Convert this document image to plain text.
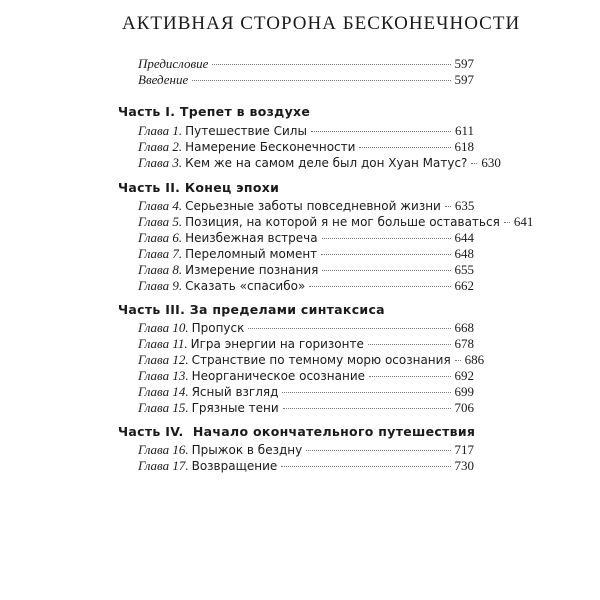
АКТИВНАЯ СТОРОНА БЕСКОНЕЧНОСТИ
Предисловие	597
Введение	597
Часть I. Трепет в воздухе
Глава 1. Путешествие Силы	611
Глава 2. Намерение Бесконечности	618
Глава 3. Кем же на самом деле был дон Хуан Матус? 630
Часть II. Конец эпохи
Глава 4. Серьезные заботы повседневной жизни 635
Глава 5. Позиция, на которой я не мог больше оставаться 641
Глава 6. Неизбежная встреча	644
Глава 7. Переломный момент	648
Глава 8. Измерение познания	655
Глава 9. Сказать «спасибо»	662
Часть III. За пределами синтаксиса
Глава 10. Пропуск	668
Глава 11. Игра энергии на горизонте	678
Глава 12. Странствие по темному морю осознания 686
Глава 13. Неорганическое осознание	692
Глава 14. Ясный взгляд	699
Глава 15. Грязные тени	706
Часть IV.  Начало окончательного путешествия
Глава 16. Прыжок в бездну	717
Глава 17. Возвращение	730
